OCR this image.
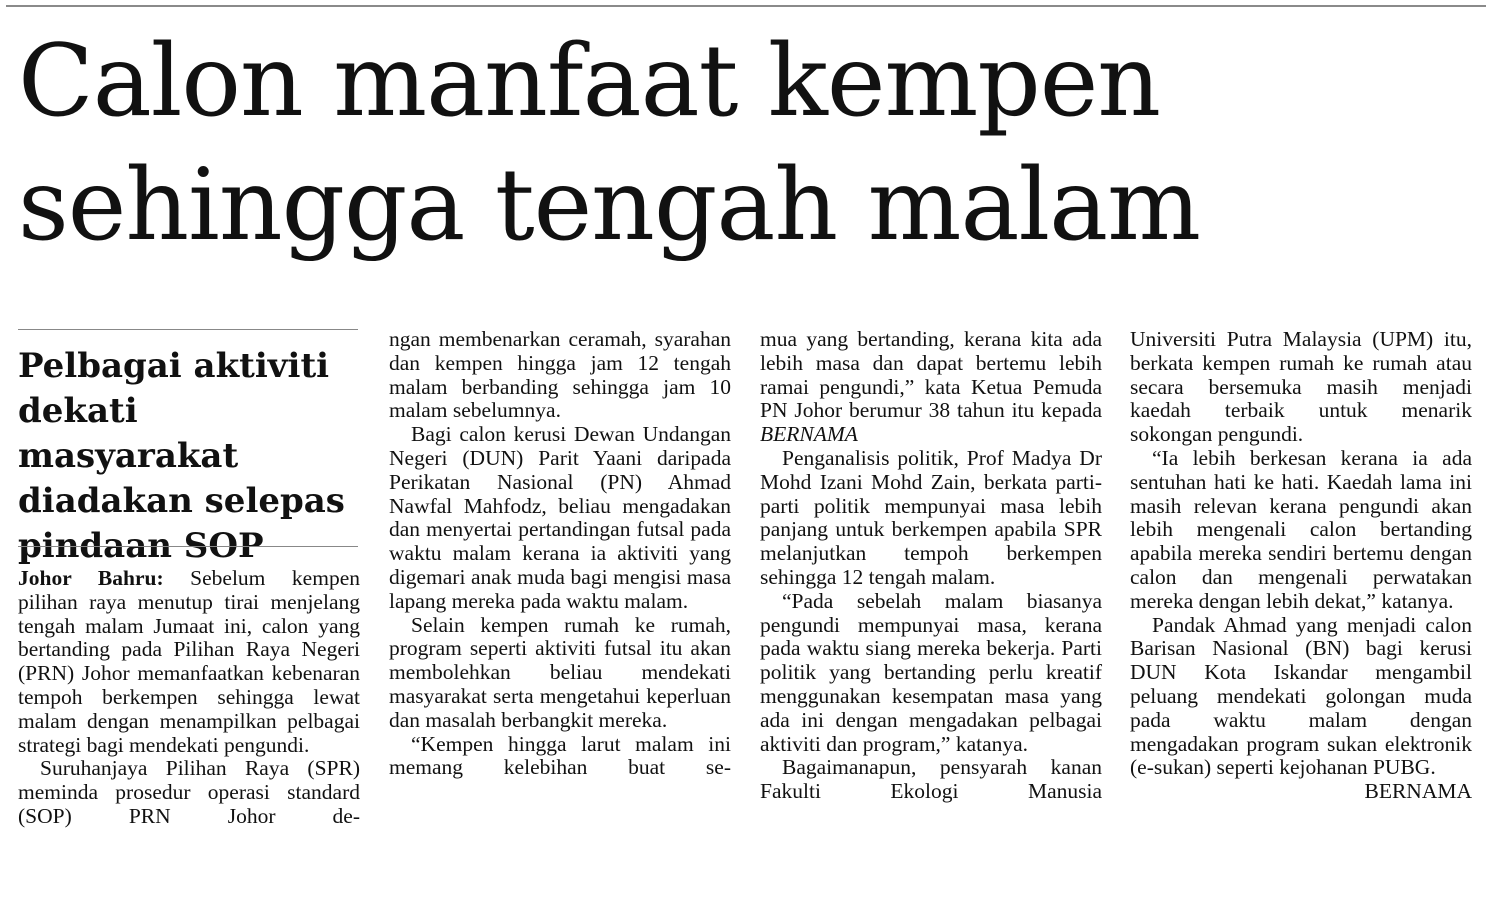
Calon manfaat kempen
sehingga tengah malam
Pelbagai aktiviti dekati masyarakat diadakan selepas pindaan SOP

Johor Bahru: Sebelum kempen pilihan raya menutup tirai menjelang tengah malam Jumaat ini, calon yang bertanding pada Pilihan Raya Negeri (PRN) Johor memanfaatkan kebenaran tempoh berkempen sehingga lewat malam dengan menampilkan pelbagai strategi bagi mendekati pengundi.

Suruhanjaya Pilihan Raya (SPR) meminda prosedur operasi standard (SOP) PRN Johor de-

ngan membenarkan ceramah, syarahan dan kempen hingga jam 12 tengah malam berbanding sehingga jam 10 malam sebelumnya.

Bagi calon kerusi Dewan Undangan Negeri (DUN) Parit Yaani daripada Perikatan Nasional (PN) Ahmad Nawfal Mahfodz, beliau mengadakan dan menyertai pertandingan futsal pada waktu malam kerana ia aktiviti yang digemari anak muda bagi mengisi masa lapang mereka pada waktu malam.

Selain kempen rumah ke rumah, program seperti aktiviti futsal itu akan membolehkan beliau mendekati masyarakat serta mengetahui keperluan dan masalah berbangkit mereka.

“Kempen hingga larut malam ini memang kelebihan buat se-

mua yang bertanding, kerana kita ada lebih masa dan dapat bertemu lebih ramai pengundi,” kata Ketua Pemuda PN Johor berumur 38 tahun itu kepada BERNAMA

Penganalisis politik, Prof Madya Dr Mohd Izani Mohd Zain, berkata parti-parti politik mempunyai masa lebih panjang untuk berkempen apabila SPR melanjutkan tempoh berkempen sehingga 12 tengah malam.

“Pada sebelah malam biasanya pengundi mempunyai masa, kerana pada waktu siang mereka bekerja. Parti politik yang bertanding perlu kreatif menggunakan kesempatan masa yang ada ini dengan mengadakan pelbagai aktiviti dan program,” katanya.

Bagaimanapun, pensyarah kanan Fakulti Ekologi Manusia

Universiti Putra Malaysia (UPM) itu, berkata kempen rumah ke rumah atau secara bersemuka masih menjadi kaedah terbaik untuk menarik sokongan pengundi.

“Ia lebih berkesan kerana ia ada sentuhan hati ke hati. Kaedah lama ini masih relevan kerana pengundi akan lebih mengenali calon bertanding apabila mereka sendiri bertemu dengan calon dan mengenali perwatakan mereka dengan lebih dekat,” katanya.

Pandak Ahmad yang menjadi calon Barisan Nasional (BN) bagi kerusi DUN Kota Iskandar mengambil peluang mendekati golongan muda pada waktu malam dengan mengadakan program sukan elektronik (e-sukan) seperti kejohanan PUBG.
BERNAMA
